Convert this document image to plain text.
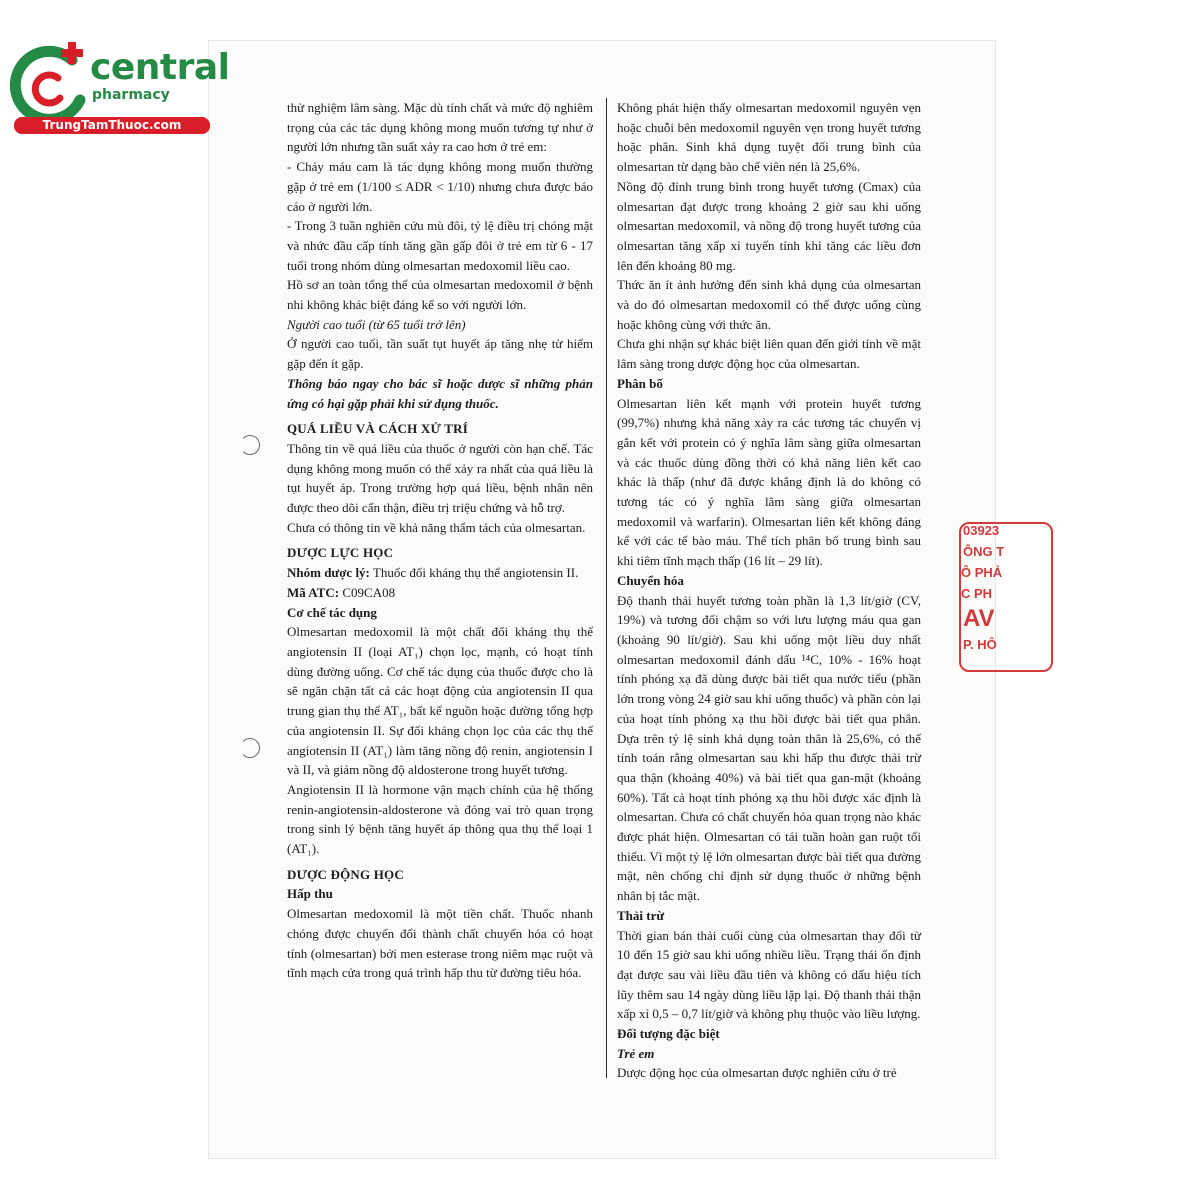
central
pharmacy
TrungTamThuoc.com

thử nghiệm lâm sàng. Mặc dù tính chất và mức độ nghiêm trọng của các tác dụng không mong muốn tương tự như ở người lớn nhưng tần suất xảy ra cao hơn ở trẻ em:

- Chảy máu cam là tác dụng không mong muốn thường gặp ở trẻ em (1/100 ≤ ADR < 1/10) nhưng chưa được báo cáo ở người lớn.

- Trong 3 tuần nghiên cứu mù đôi, tỷ lệ điều trị chóng mặt và nhức đầu cấp tính tăng gần gấp đôi ở trẻ em từ 6 - 17 tuổi trong nhóm dùng olmesartan medoxomil liều cao.

Hồ sơ an toàn tổng thể của olmesartan medoxomil ở bệnh nhi không khác biệt đáng kể so với người lớn.

Người cao tuổi (từ 65 tuổi trở lên)

Ở người cao tuổi, tần suất tụt huyết áp tăng nhẹ từ hiếm gặp đến ít gặp.

Thông báo ngay cho bác sĩ hoặc dược sĩ những phản ứng có hại gặp phải khi sử dụng thuốc.

QUÁ LIỀU VÀ CÁCH XỬ TRÍ

Thông tin về quá liều của thuốc ở người còn hạn chế. Tác dụng không mong muốn có thể xảy ra nhất của quá liều là tụt huyết áp. Trong trường hợp quá liều, bệnh nhân nên được theo dõi cẩn thận, điều trị triệu chứng và hỗ trợ.

Chưa có thông tin về khả năng thẩm tách của olmesartan.

DƯỢC LỰC HỌC

Nhóm dược lý: Thuốc đối kháng thụ thể angiotensin II.

Mã ATC: C09CA08

Cơ chế tác dụng

Olmesartan medoxomil là một chất đối kháng thụ thể angiotensin II (loại AT₁) chọn lọc, mạnh, có hoạt tính dùng đường uống. Cơ chế tác dụng của thuốc được cho là sẽ ngăn chặn tất cả các hoạt động của angiotensin II qua trung gian thụ thể AT₁, bất kể nguồn hoặc đường tổng hợp của angiotensin II. Sự đối kháng chọn lọc của các thụ thể angiotensin II (AT₁) làm tăng nồng độ renin, angiotensin I và II, và giảm nồng độ aldosterone trong huyết tương.

Angiotensin II là hormone vận mạch chính của hệ thống renin-angiotensin-aldosterone và đóng vai trò quan trọng trong sinh lý bệnh tăng huyết áp thông qua thụ thể loại 1 (AT₁).

DƯỢC ĐỘNG HỌC

Hấp thu

Olmesartan medoxomil là một tiền chất. Thuốc nhanh chóng được chuyển đổi thành chất chuyển hóa có hoạt tính (olmesartan) bởi men esterase trong niêm mạc ruột và tĩnh mạch cửa trong quá trình hấp thu từ đường tiêu hóa.

Không phát hiện thấy olmesartan medoxomil nguyên vẹn hoặc chuỗi bên medoxomil nguyên vẹn trong huyết tương hoặc phân. Sinh khả dụng tuyệt đối trung bình của olmesartan từ dạng bào chế viên nén là 25,6%.

Nồng độ đỉnh trung bình trong huyết tương (Cmax) của olmesartan đạt được trong khoảng 2 giờ sau khi uống olmesartan medoxomil, và nồng độ trong huyết tương của olmesartan tăng xấp xỉ tuyến tính khi tăng các liều đơn lên đến khoảng 80 mg.

Thức ăn ít ảnh hưởng đến sinh khả dụng của olmesartan và do đó olmesartan medoxomil có thể được uống cùng hoặc không cùng với thức ăn.

Chưa ghi nhận sự khác biệt liên quan đến giới tính về mặt lâm sàng trong dược động học của olmesartan.

Phân bố

Olmesartan liên kết mạnh với protein huyết tương (99,7%) nhưng khả năng xảy ra các tương tác chuyển vị gắn kết với protein có ý nghĩa lâm sàng giữa olmesartan và các thuốc dùng đồng thời có khả năng liên kết cao khác là thấp (như đã được khẳng định là do không có tương tác có ý nghĩa lâm sàng giữa olmesartan medoxomil và warfarin). Olmesartan liên kết không đáng kể với các tế bào máu. Thể tích phân bố trung bình sau khi tiêm tĩnh mạch thấp (16 lít – 29 lít).

Chuyển hóa

Độ thanh thải huyết tương toàn phần là 1,3 lít/giờ (CV, 19%) và tương đối chậm so với lưu lượng máu qua gan (khoảng 90 lít/giờ). Sau khi uống một liều duy nhất olmesartan medoxomil đánh dấu ¹⁴C, 10% - 16% hoạt tính phóng xạ đã dùng được bài tiết qua nước tiểu (phần lớn trong vòng 24 giờ sau khi uống thuốc) và phần còn lại của hoạt tính phóng xạ thu hồi được bài tiết qua phân. Dựa trên tỷ lệ sinh khả dụng toàn thân là 25,6%, có thể tính toán rằng olmesartan sau khi hấp thu được thải trừ qua thận (khoảng 40%) và bài tiết qua gan-mật (khoảng 60%). Tất cả hoạt tính phóng xạ thu hồi được xác định là olmesartan. Chưa có chất chuyển hóa quan trọng nào khác được phát hiện. Olmesartan có tái tuần hoàn gan ruột tối thiểu. Vì một tỷ lệ lớn olmesartan được bài tiết qua đường mật, nên chống chỉ định sử dụng thuốc ở những bệnh nhân bị tắc mật.

Thải trừ

Thời gian bán thải cuối cùng của olmesartan thay đổi từ 10 đến 15 giờ sau khi uống nhiều liều. Trạng thái ổn định đạt được sau vài liều đầu tiên và không có dấu hiệu tích lũy thêm sau 14 ngày dùng liều lặp lại. Độ thanh thải thận xấp xỉ 0,5 – 0,7 lít/giờ và không phụ thuộc vào liều lượng.

Đối tượng đặc biệt

Trẻ em

Dược động học của olmesartan được nghiên cứu ở trẻ

03923
ÔNG T
Ô PHẢ
C PH
AV
P. HÔ
